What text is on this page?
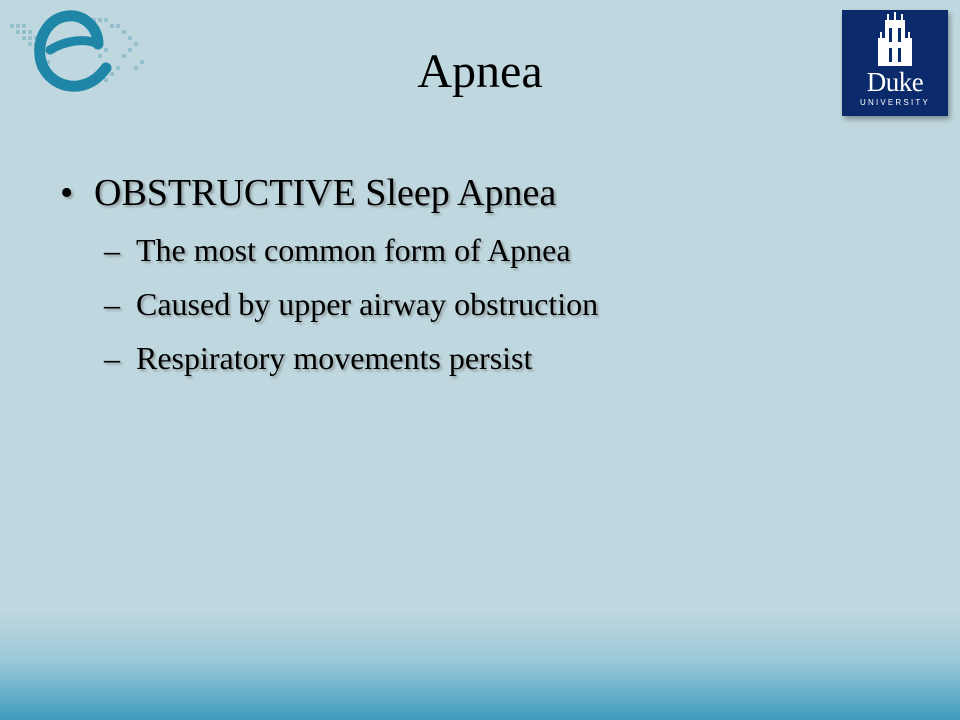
Duke
UNIVERSITY
Apnea
• OBSTRUCTIVE Sleep Apnea
– The most common form of Apnea
– Caused by upper airway obstruction
– Respiratory movements persist
